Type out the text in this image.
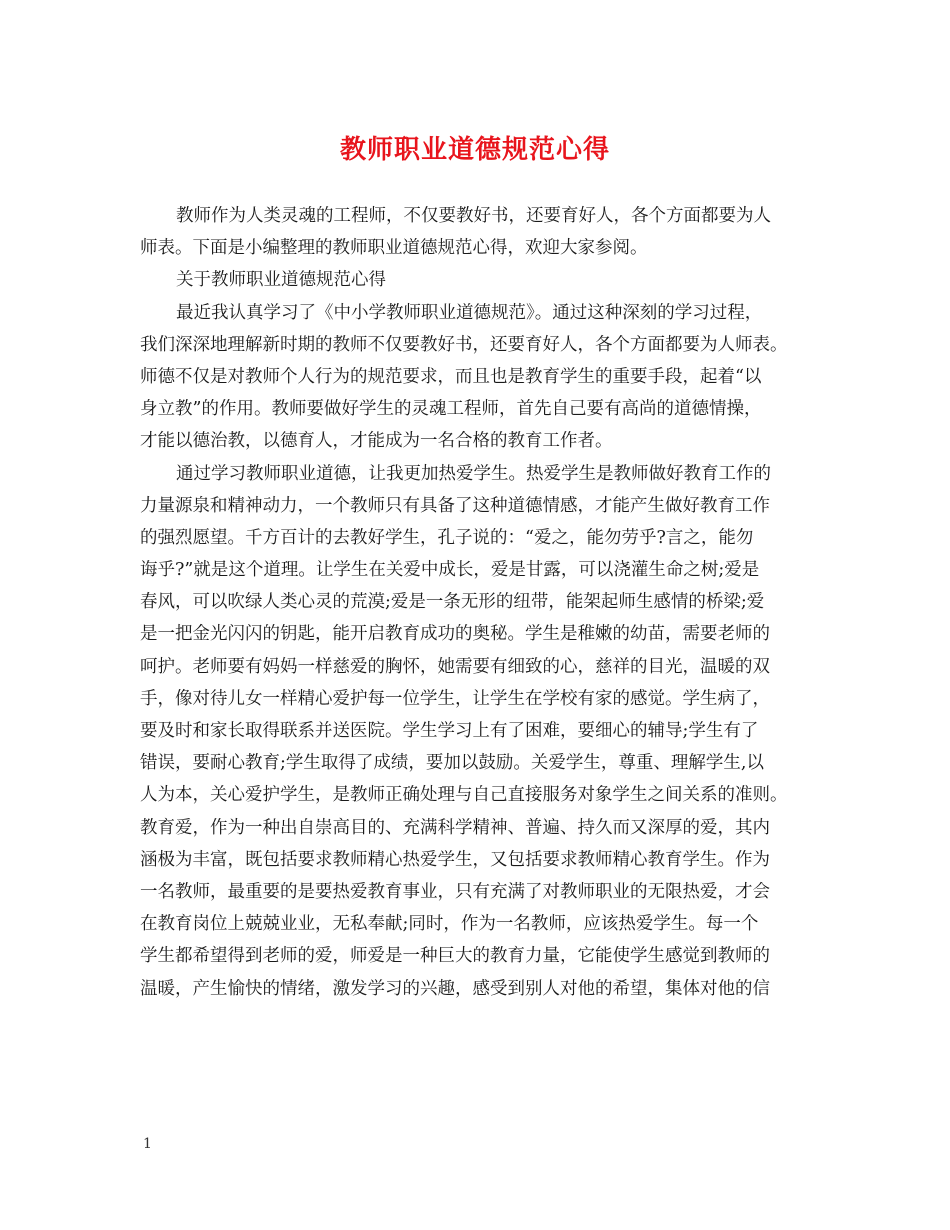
教师职业道德规范心得
教师作为人类灵魂的工程师，不仅要教好书，还要育好人，各个方面都要为人
师表。下面是小编整理的教师职业道德规范心得，欢迎大家参阅。
关于教师职业道德规范心得
最近我认真学习了《中小学教师职业道德规范》。通过这种深刻的学习过程，
我们深深地理解新时期的教师不仅要教好书，还要育好人，各个方面都要为人师表。
师德不仅是对教师个人行为的规范要求，而且也是教育学生的重要手段，起着“以
身立教”的作用。教师要做好学生的灵魂工程师，首先自己要有高尚的道德情操，
才能以德治教，以德育人，才能成为一名合格的教育工作者。
通过学习教师职业道德，让我更加热爱学生。热爱学生是教师做好教育工作的
力量源泉和精神动力，一个教师只有具备了这种道德情感，才能产生做好教育工作
的强烈愿望。千方百计的去教好学生，孔子说的：“爱之，能勿劳乎?言之，能勿
诲乎?”就是这个道理。让学生在关爱中成长，爱是甘露，可以浇灌生命之树;爱是
春风，可以吹绿人类心灵的荒漠;爱是一条无形的纽带，能架起师生感情的桥梁;爱
是一把金光闪闪的钥匙，能开启教育成功的奥秘。学生是稚嫩的幼苗，需要老师的
呵护。老师要有妈妈一样慈爱的胸怀，她需要有细致的心，慈祥的目光，温暖的双
手，像对待儿女一样精心爱护每一位学生，让学生在学校有家的感觉。学生病了，
要及时和家长取得联系并送医院。学生学习上有了困难，要细心的辅导;学生有了
错误，要耐心教育;学生取得了成绩，要加以鼓励。关爱学生，尊重、理解学生,以
人为本，关心爱护学生，是教师正确处理与自己直接服务对象学生之间关系的准则。
教育爱，作为一种出自崇高目的、充满科学精神、普遍、持久而又深厚的爱，其内
涵极为丰富，既包括要求教师精心热爱学生，又包括要求教师精心教育学生。作为
一名教师，最重要的是要热爱教育事业，只有充满了对教师职业的无限热爱，才会
在教育岗位上兢兢业业，无私奉献;同时，作为一名教师，应该热爱学生。每一个
学生都希望得到老师的爱，师爱是一种巨大的教育力量，它能使学生感觉到教师的
温暖，产生愉快的情绪，激发学习的兴趣，感受到别人对他的希望，集体对他的信
1
